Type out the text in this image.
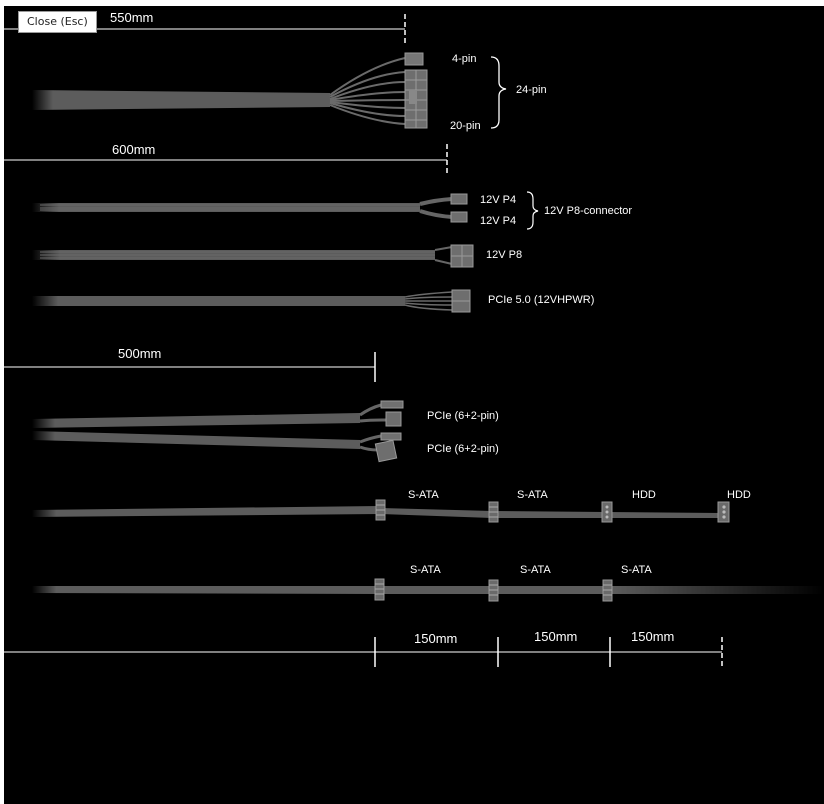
Close (Esc)	550mm
4-pin
20-pin
24-pin
600mm
12V P4
12V P4
12V P8-connector
12V P8
PCIe 5.0 (12VHPWR)
500mm
PCIe (6+2-pin)
PCIe (6+2-pin)
S-ATA	S-ATA	HDD	HDD
S-ATA	S-ATA	S-ATA
150mm	150mm	150mm
